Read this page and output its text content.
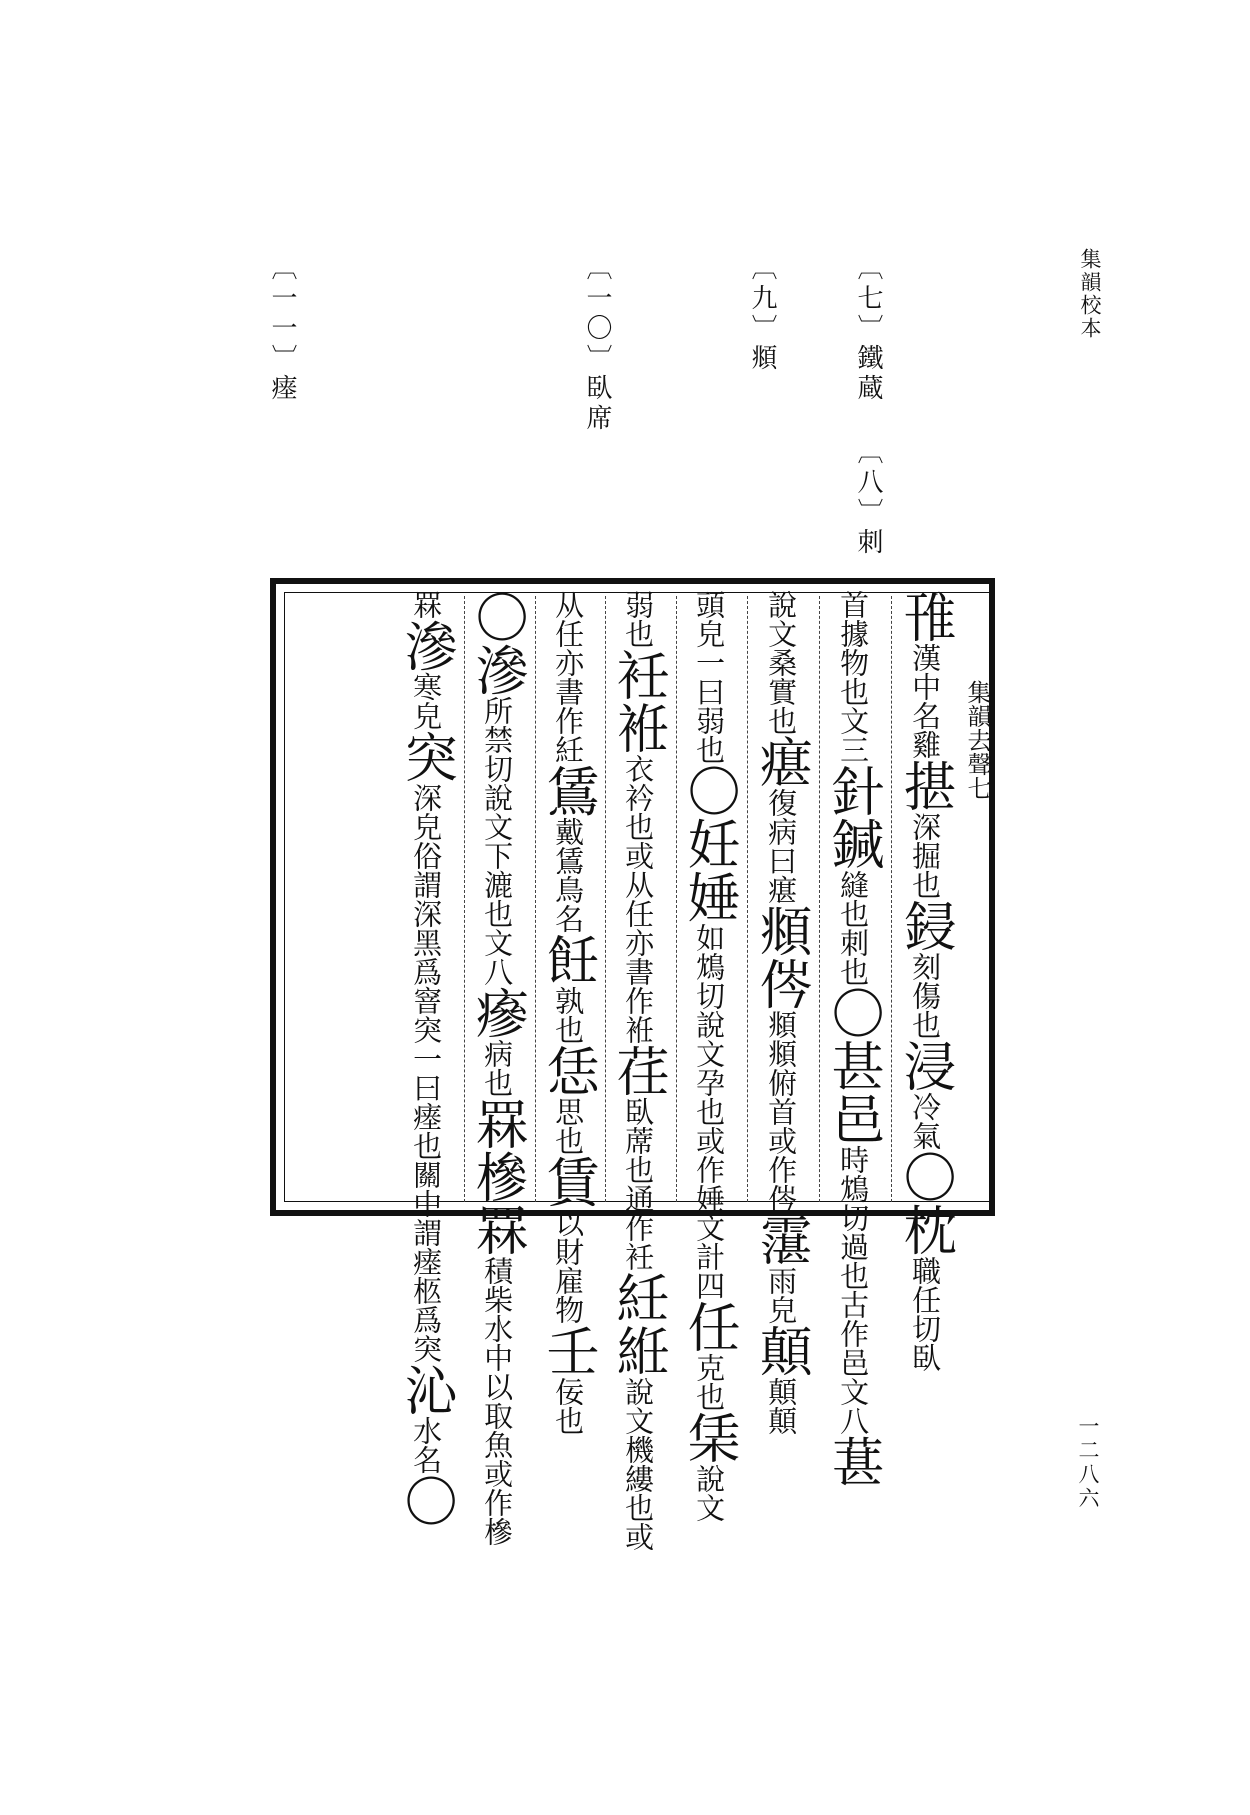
集韻校本
一二八六
〔七〕鐵蔵
〔八〕刺
〔九〕頫
〔一〇〕臥席
〔一一〕瘗
集韻去聲七
䧲漢中名雞揕深掘也鋟刻傷也浸冷氣〇枕職任切臥
首據物也文三針鍼縫也刺也〇甚邑時鴆切過也古作邑文八葚
說文桑實也瘎復病曰瘎頫侺頫頫俯首或作侺霮雨皃顛顛顛
頭皃一曰弱也〇妊娷如鴆切說文孕也或作娷文計四任克也栠說文
弱也衽袵衣衿也或从任亦書作袵荏臥蓆也通作衽紝絍說文機縷也或
从任亦書作紝鵀戴鵀鳥名飪孰也恁思也賃以財雇物壬佞也
〇滲所禁切說文下漉也文八瘮病也罧槮罧積柴水中以取魚或作槮
罧滲寒皃突深皃俗謂深黑爲窨突一曰瘗也關中謂瘗柩爲突沁水名〇
